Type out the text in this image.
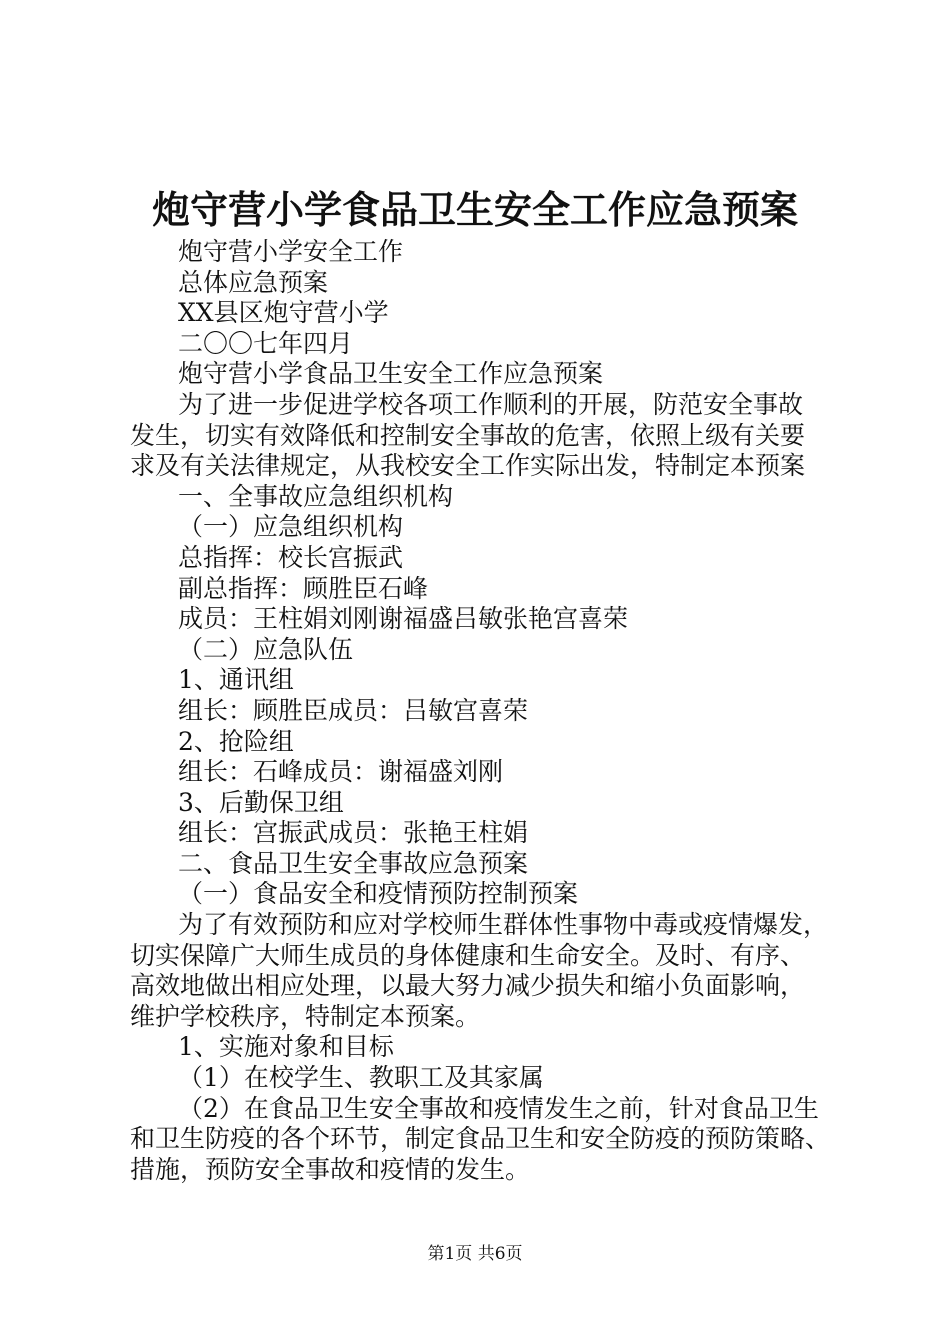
炮守营小学食品卫生安全工作应急预案
炮守营小学安全工作
总体应急预案
XX县区炮守营小学
二〇〇七年四月
炮守营小学食品卫生安全工作应急预案
为了进一步促进学校各项工作顺利的开展，防范安全事故
发生，切实有效降低和控制安全事故的危害，依照上级有关要
求及有关法律规定，从我校安全工作实际出发，特制定本预案
一、全事故应急组织机构
（一）应急组织机构
总指挥：校长宫振武
副总指挥：顾胜臣石峰
成员：王柱娟刘刚谢福盛吕敏张艳宫喜荣
（二）应急队伍
1、通讯组
组长：顾胜臣成员：吕敏宫喜荣
2、抢险组
组长：石峰成员：谢福盛刘刚
3、后勤保卫组
组长：宫振武成员：张艳王柱娟
二、食品卫生安全事故应急预案
（一）食品安全和疫情预防控制预案
为了有效预防和应对学校师生群体性事物中毒或疫情爆发，
切实保障广大师生成员的身体健康和生命安全。及时、有序、
高效地做出相应处理，以最大努力减少损失和缩小负面影响，
维护学校秩序，特制定本预案。
1、实施对象和目标
（1）在校学生、教职工及其家属
（2）在食品卫生安全事故和疫情发生之前，针对食品卫生
和卫生防疫的各个环节，制定食品卫生和安全防疫的预防策略、
措施，预防安全事故和疫情的发生。
第1页 共6页
